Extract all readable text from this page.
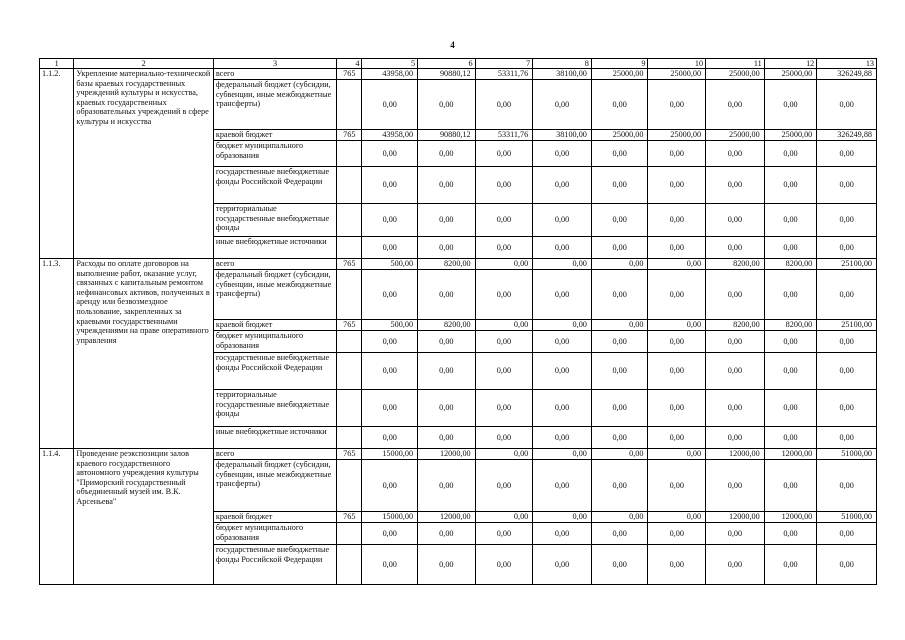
4
1	2	3	4	5	6	7	8	9	10	11	12	13
1.1.2.	Укрепление материально-технической базы краевых государственных учреждений культуры и искусства, краевых государственных образовательных учреждений в сфере культуры и искусства	всего	765	43958,00	90880,12	53311,76	38100,00	25000,00	25000,00	25000,00	25000,00	326249,88
		федеральный бюджет (субсидии, субвенции, иные межбюджетные трансферты)		0,00	0,00	0,00	0,00	0,00	0,00	0,00	0,00	0,00
		краевой бюджет	765	43958,00	90880,12	53311,76	38100,00	25000,00	25000,00	25000,00	25000,00	326249,88
		бюджет муниципального образования		0,00	0,00	0,00	0,00	0,00	0,00	0,00	0,00	0,00
		государственные внебюджетные фонды Российской Федерации		0,00	0,00	0,00	0,00	0,00	0,00	0,00	0,00	0,00
		территориальные государственные внебюджетные фонды		0,00	0,00	0,00	0,00	0,00	0,00	0,00	0,00	0,00
		иные внебюджетные источники		0,00	0,00	0,00	0,00	0,00	0,00	0,00	0,00	0,00
1.1.3.	Расходы по оплате договоров на выполнение работ, оказание услуг, связанных с капитальным ремонтом нефинансовых активов, полученных в аренду или безвозмездное пользование, закрепленных за краевыми государственными учреждениями на праве оперативного управления	всего	765	500,00	8200,00	0,00	0,00	0,00	0,00	8200,00	8200,00	25100,00
		федеральный бюджет (субсидии, субвенции, иные межбюджетные трансферты)		0,00	0,00	0,00	0,00	0,00	0,00	0,00	0,00	0,00
		краевой бюджет	765	500,00	8200,00	0,00	0,00	0,00	0,00	8200,00	8200,00	25100,00
		бюджет муниципального образования		0,00	0,00	0,00	0,00	0,00	0,00	0,00	0,00	0,00
		государственные внебюджетные фонды Российской Федерации		0,00	0,00	0,00	0,00	0,00	0,00	0,00	0,00	0,00
		территориальные государственные внебюджетные фонды		0,00	0,00	0,00	0,00	0,00	0,00	0,00	0,00	0,00
		иные внебюджетные источники		0,00	0,00	0,00	0,00	0,00	0,00	0,00	0,00	0,00
1.1.4.	Проведение реэкспозиции залов краевого государственного автономного учреждения культуры "Приморский государственный объединенный музей им. В.К. Арсеньева"	всего	765	15000,00	12000,00	0,00	0,00	0,00	0,00	12000,00	12000,00	51000,00
		федеральный бюджет (субсидии, субвенции, иные межбюджетные трансферты)		0,00	0,00	0,00	0,00	0,00	0,00	0,00	0,00	0,00
		краевой бюджет	765	15000,00	12000,00	0,00	0,00	0,00	0,00	12000,00	12000,00	51000,00
		бюджет муниципального образования		0,00	0,00	0,00	0,00	0,00	0,00	0,00	0,00	0,00
		государственные внебюджетные фонды Российской Федерации		0,00	0,00	0,00	0,00	0,00	0,00	0,00	0,00	0,00
